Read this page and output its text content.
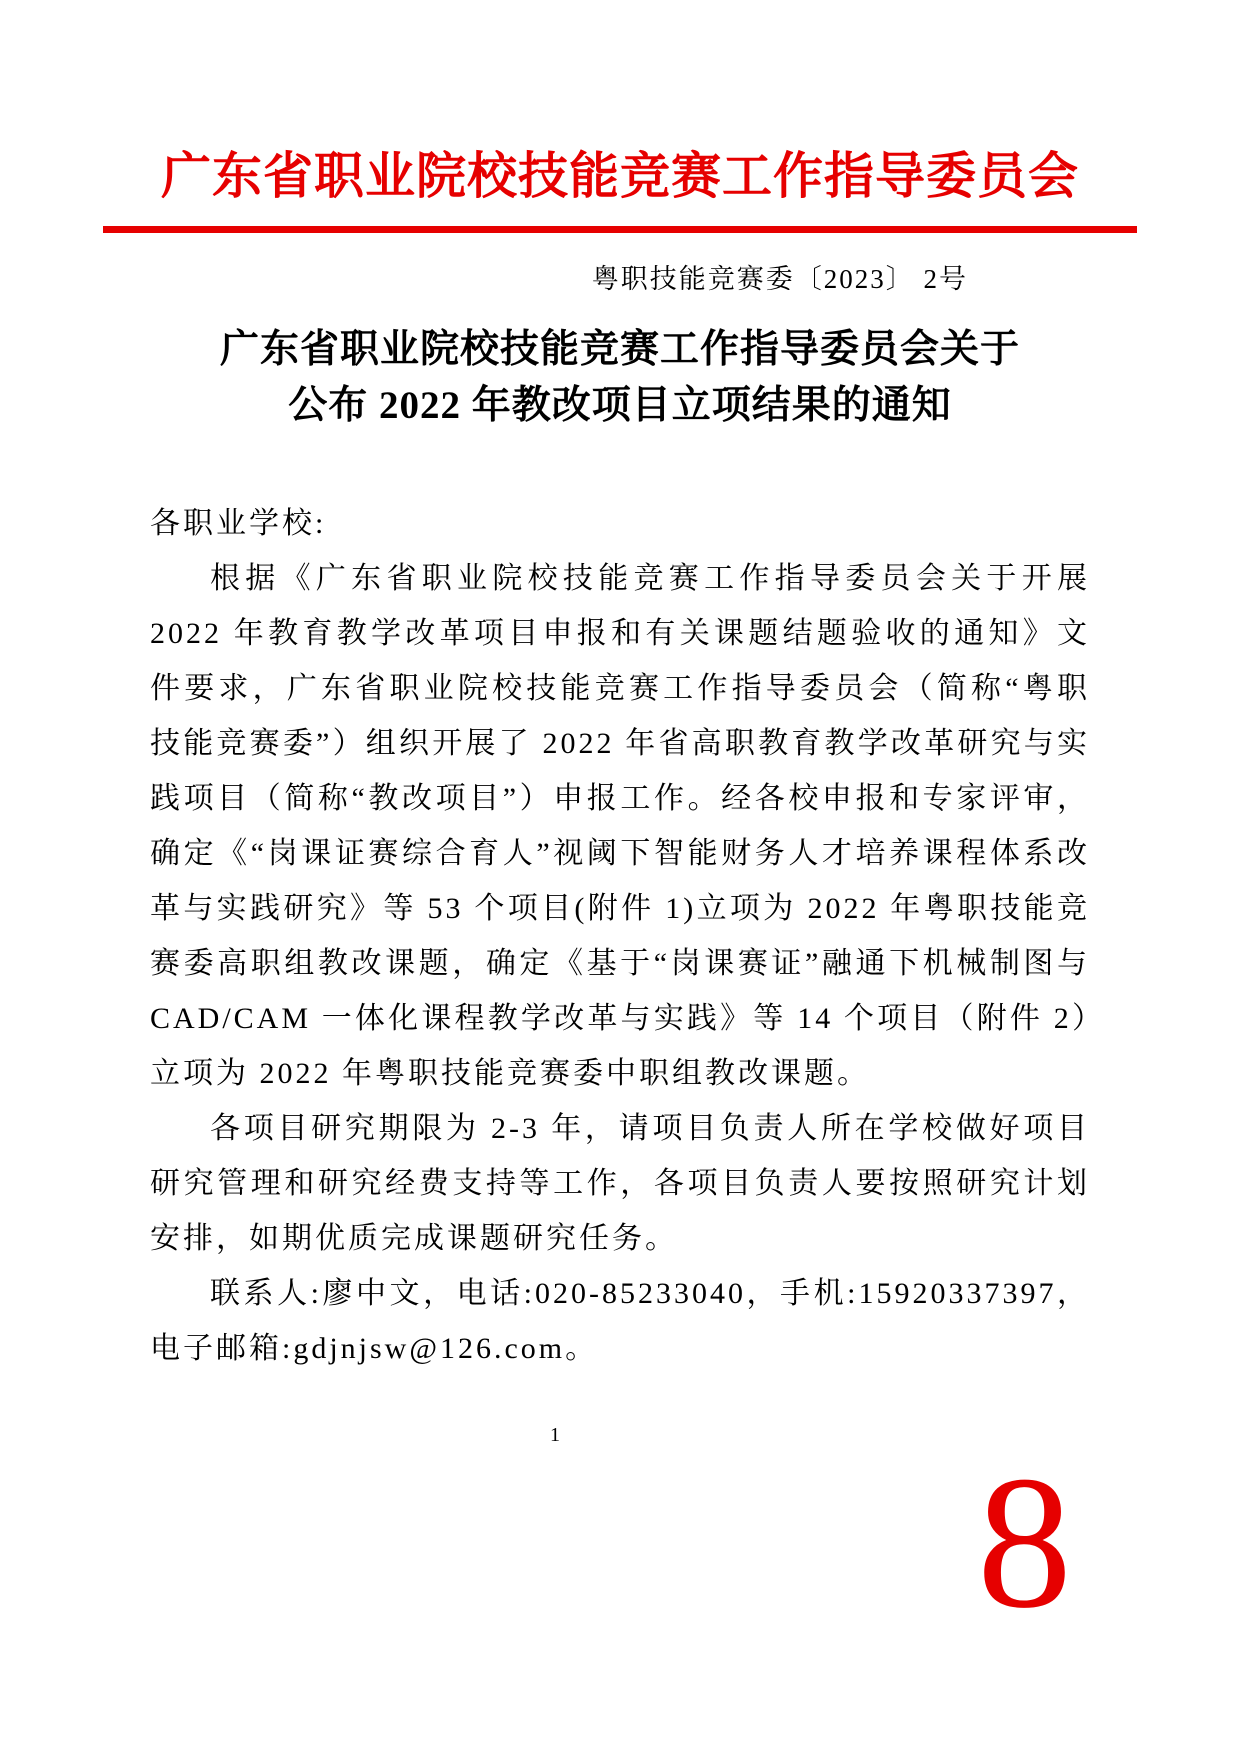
广东省职业院校技能竞赛工作指导委员会
粤职技能竞赛委〔2023〕 2号
广东省职业院校技能竞赛工作指导委员会关于
公布 2022 年教改项目立项结果的通知

各职业学校:

根据《广东省职业院校技能竞赛工作指导委员会关于开展 2022 年教育教学改革项目申报和有关课题结题验收的通知》文件要求，广东省职业院校技能竞赛工作指导委员会（简称“粤职技能竞赛委”）组织开展了 2022 年省高职教育教学改革研究与实践项目（简称“教改项目”）申报工作。经各校申报和专家评审，确定《“岗课证赛综合育人”视阈下智能财务人才培养课程体系改革与实践研究》等 53 个项目(附件 1)立项为 2022 年粤职技能竞赛委高职组教改课题，确定《基于“岗课赛证”融通下机械制图与 CAD/CAM 一体化课程教学改革与实践》等 14 个项目（附件 2）立项为 2022 年粤职技能竞赛委中职组教改课题。

各项目研究期限为 2-3 年，请项目负责人所在学校做好项目研究管理和研究经费支持等工作，各项目负责人要按照研究计划安排，如期优质完成课题研究任务。

联系人:廖中文，电话:020-85233040，手机:15920337397，电子邮箱:gdjnjsw@126.com。

1
8
